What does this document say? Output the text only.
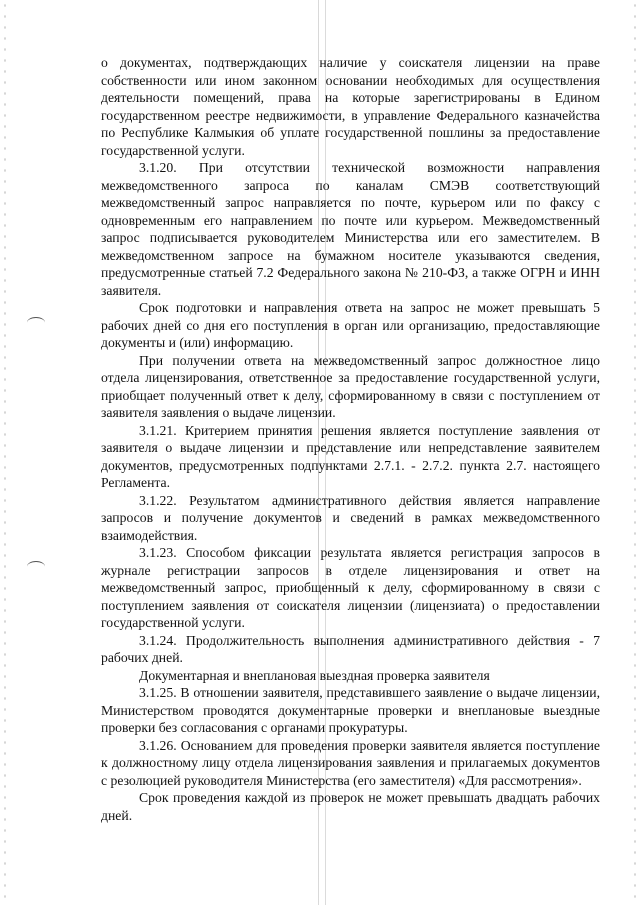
о документах, подтверждающих наличие у соискателя лицензии на праве собственности или ином законном основании необходимых для осуществления деятельности помещений, права на которые зарегистрированы в Едином государственном реестре недвижимости, в управление Федерального казначейства по Республике Калмыкия об уплате государственной пошлины за предоставление государственной услуги.

3.1.20. При отсутствии технической возможности направления межведомственного запроса по каналам СМЭВ соответствующий межведомственный запрос направляется по почте, курьером или по факсу с одновременным его направлением по почте или курьером. Межведомственный запрос подписывается руководителем Министерства или его заместителем. В межведомственном запросе на бумажном носителе указываются сведения, предусмотренные статьей 7.2 Федерального закона № 210-ФЗ, а также ОГРН и ИНН заявителя.

Срок подготовки и направления ответа на запрос не может превышать 5 рабочих дней со дня его поступления в орган или организацию, предоставляющие документы и (или) информацию.

При получении ответа на межведомственный запрос должностное лицо отдела лицензирования, ответственное за предоставление государственной услуги, приобщает полученный ответ к делу, сформированному в связи с поступлением от заявителя заявления о выдаче лицензии.

3.1.21. Критерием принятия решения является поступление заявления от заявителя о выдаче лицензии и представление или непредставление заявителем документов, предусмотренных подпунктами 2.7.1. - 2.7.2. пункта 2.7. настоящего Регламента.

3.1.22. Результатом административного действия является направление запросов и получение документов и сведений в рамках межведомственного взаимодействия.

3.1.23. Способом фиксации результата является регистрация запросов в журнале регистрации запросов в отделе лицензирования и ответ на межведомственный запрос, приобщенный к делу, сформированному в связи с поступлением заявления от соискателя лицензии (лицензиата) о предоставлении государственной услуги.

3.1.24. Продолжительность выполнения административного действия - 7 рабочих дней.

Документарная и внеплановая выездная проверка заявителя

3.1.25. В отношении заявителя, представившего заявление о выдаче лицензии, Министерством проводятся документарные проверки и внеплановые выездные проверки без согласования с органами прокуратуры.

3.1.26. Основанием для проведения проверки заявителя является поступление к должностному лицу отдела лицензирования заявления и прилагаемых документов с резолюцией руководителя Министерства (его заместителя) «Для рассмотрения».

Срок проведения каждой из проверок не может превышать двадцать рабочих дней.
